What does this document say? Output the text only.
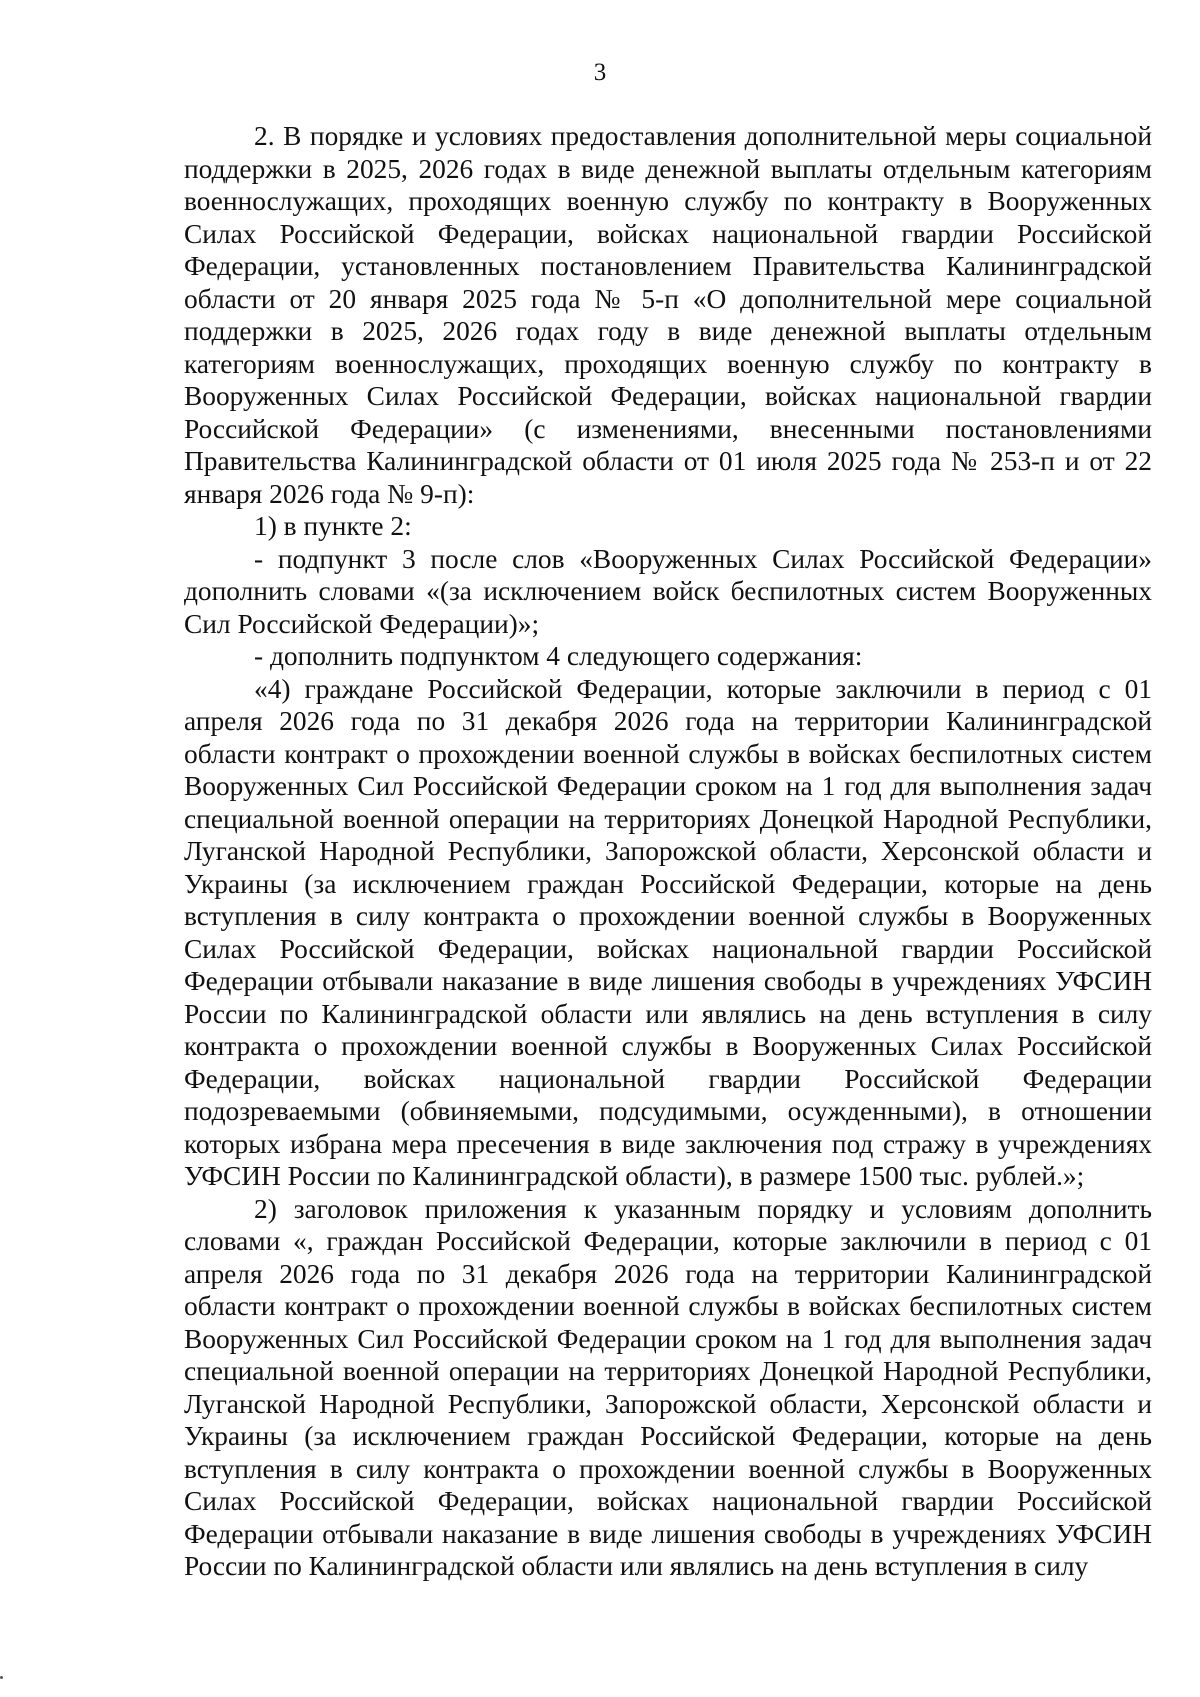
3

2. В порядке и условиях предоставления дополнительной меры социальной поддержки в 2025, 2026 годах в виде денежной выплаты отдельным категориям военнослужащих, проходящих военную службу по контракту в Вооруженных Силах Российской Федерации, войсках национальной гвардии Российской Федерации, установленных постановлением Правительства Калининградской области от 20 января 2025 года № 5-п «О дополнительной мере социальной поддержки в 2025, 2026 годах году в виде денежной выплаты отдельным категориям военнослужащих, проходящих военную службу по контракту в Вооруженных Силах Российской Федерации, войсках национальной гвардии Российской Федерации» (с изменениями, внесенными постановлениями Правительства Калининградской области от 01 июля 2025 года № 253-п и от 22 января 2026 года № 9-п):

1) в пункте 2:

- подпункт 3 после слов «Вооруженных Силах Российской Федерации» дополнить словами «(за исключением войск беспилотных систем Вооруженных Сил Российской Федерации)»;

- дополнить подпунктом 4 следующего содержания:

«4) граждане Российской Федерации, которые заключили в период с 01 апреля 2026 года по 31 декабря 2026 года на территории Калининградской области контракт о прохождении военной службы в войсках беспилотных систем Вооруженных Сил Российской Федерации сроком на 1 год для выполнения задач специальной военной операции на территориях Донецкой Народной Республики, Луганской Народной Республики, Запорожской области, Херсонской области и Украины (за исключением граждан Российской Федерации, которые на день вступления в силу контракта о прохождении военной службы в Вооруженных Силах Российской Федерации, войсках национальной гвардии Российской Федерации отбывали наказание в виде лишения свободы в учреждениях УФСИН России по Калининградской области или являлись на день вступления в силу контракта о прохождении военной службы в Вооруженных Силах Российской Федерации, войсках национальной гвардии Российской Федерации подозреваемыми (обвиняемыми, подсудимыми, осужденными), в отношении которых избрана мера пресечения в виде заключения под стражу в учреждениях УФСИН России по Калининградской области), в размере 1500 тыс. рублей.»;

2) заголовок приложения к указанным порядку и условиям дополнить словами «, граждан Российской Федерации, которые заключили в период с 01 апреля 2026 года по 31 декабря 2026 года на территории Калининградской области контракт о прохождении военной службы в войсках беспилотных систем Вооруженных Сил Российской Федерации сроком на 1 год для выполнения задач специальной военной операции на территориях Донецкой Народной Республики, Луганской Народной Республики, Запорожской области, Херсонской области и Украины (за исключением граждан Российской Федерации, которые на день вступления в силу контракта о прохождении военной службы в Вооруженных Силах Российской Федерации, войсках национальной гвардии Российской Федерации отбывали наказание в виде лишения свободы в учреждениях УФСИН России по Калининградской области или являлись на день вступления в силу
